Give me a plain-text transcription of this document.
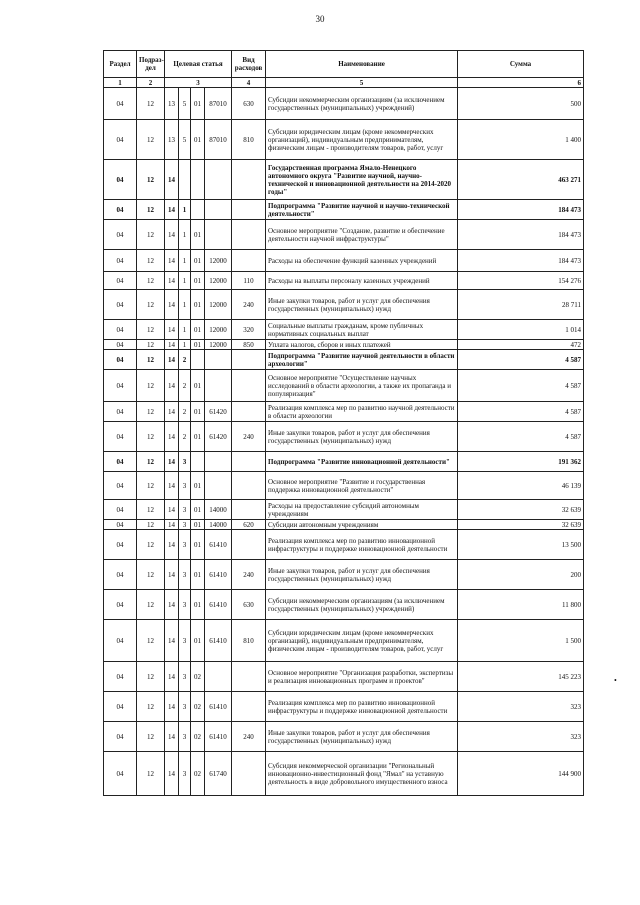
30
Раздел	Подраз-дел	Целевая статья				Вид расходов	Наименование	Сумма
1	2	3				4	5	6
04	12	13	5	01	87010	630	Субсидии некоммерческим организациям (за исключением государственных (муниципальных) учреждений)	500
04	12	13	5	01	87010	810	Субсидии юридическим лицам (кроме некоммерческих организаций), индивидуальным предпринимателям, физическим лицам - производителям товаров, работ, услуг	1 400
04	12	14					Государственная программа Ямало-Ненецкого автономного округа "Развитие научной, научно-технической и инновационной деятельности на 2014-2020 годы"	463 271
04	12	14	1				Подпрограмма "Развитие научной и научно-технической деятельности"	184 473
04	12	14	1	01			Основное мероприятие "Создание, развитие и обеспечение деятельности научной инфраструктуры"	184 473
04	12	14	1	01	12000		Расходы на обеспечение функций казенных учреждений	184 473
04	12	14	1	01	12000	110	Расходы на выплаты персоналу казенных учреждений	154 276
04	12	14	1	01	12000	240	Иные закупки товаров, работ и услуг для обеспечения государственных (муниципальных) нужд	28 711
04	12	14	1	01	12000	320	Социальные выплаты гражданам, кроме публичных нормативных социальных выплат	1 014
04	12	14	1	01	12000	850	Уплата налогов, сборов и иных платежей	472
04	12	14	2				Подпрограмма "Развитие научной деятельности в области археологии"	4 587
04	12	14	2	01			Основное мероприятие "Осуществление научных исследований в области археологии, а также их пропаганда и популяризация"	4 587
04	12	14	2	01	61420		Реализация комплекса мер по развитию научной деятельности в области археологии	4 587
04	12	14	2	01	61420	240	Иные закупки товаров, работ и услуг для обеспечения государственных (муниципальных) нужд	4 587
04	12	14	3				Подпрограмма "Развитие инновационной деятельности"	191 362
04	12	14	3	01			Основное мероприятие "Развитие и государственная поддержка инновационной деятельности"	46 139
04	12	14	3	01	14000		Расходы на предоставление субсидий автономным учреждениям	32 639
04	12	14	3	01	14000	620	Субсидии автономным учреждениям	32 639
04	12	14	3	01	61410		Реализация комплекса мер по развитию инновационной инфраструктуры и поддержке инновационной деятельности	13 500
04	12	14	3	01	61410	240	Иные закупки товаров, работ и услуг для обеспечения государственных (муниципальных) нужд	200
04	12	14	3	01	61410	630	Субсидии некоммерческим организациям (за исключением государственных (муниципальных) учреждений)	11 800
04	12	14	3	01	61410	810	Субсидии юридическим лицам (кроме некоммерческих организаций), индивидуальным предпринимателям, физическим лицам - производителям товаров, работ, услуг	1 500
04	12	14	3	02			Основное мероприятие "Организация разработки, экспертизы и реализация инновационных программ и проектов"	145 223
04	12	14	3	02	61410		Реализация комплекса мер по развитию инновационной инфраструктуры и поддержке инновационной деятельности	323
04	12	14	3	02	61410	240	Иные закупки товаров, работ и услуг для обеспечения государственных (муниципальных) нужд	323
04	12	14	3	02	61740		Субсидия некоммерческой организации "Региональный инновационно-инвестиционный фонд "Ямал" на уставную деятельность в виде добровольного имущественного взноса	144 900
•
